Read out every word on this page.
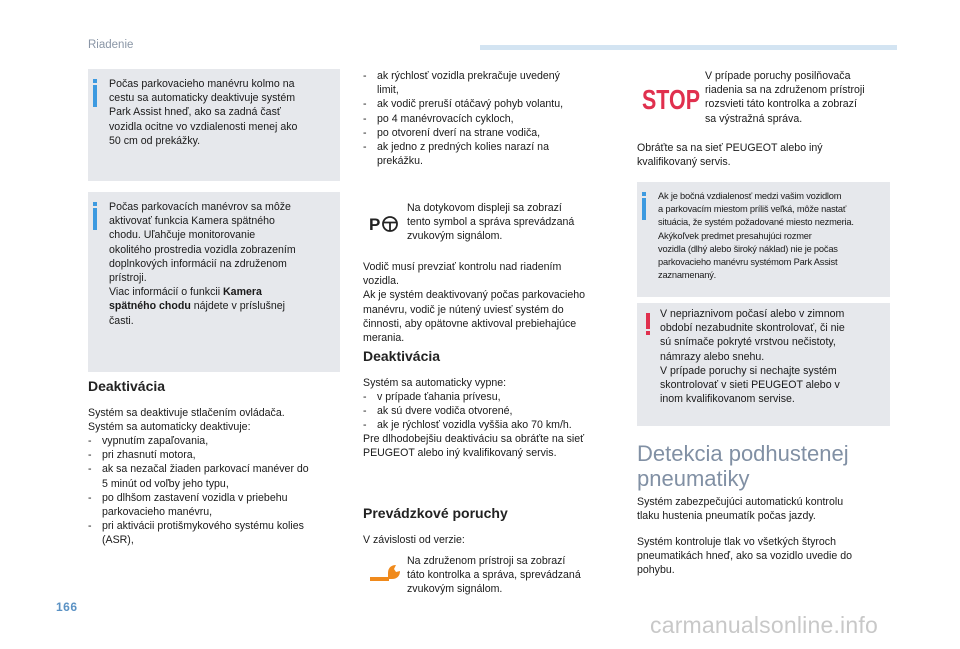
Riadenie
Počas parkovacieho manévru kolmo na
cestu sa automaticky deaktivuje systém
Park Assist hneď, ako sa zadná časť
vozidla ocitne vo vzdialenosti menej ako
50 cm od prekážky.
Počas parkovacích manévrov sa môže
aktivovať funkcia Kamera spätného
chodu. Uľahčuje monitorovanie
okolitého prostredia vozidla zobrazením
doplnkových informácií na združenom
prístroji.
Viac informácií o funkcii Kamera
spätného chodu nájdete v príslušnej
časti.
Deaktivácia
Systém sa deaktivuje stlačením ovládača.
Systém sa automaticky deaktivuje:
- vypnutím zapaľovania,
- pri zhasnutí motora,
- ak sa nezačal žiaden parkovací manéver do
5 minút od voľby jeho typu,
- po dlhšom zastavení vozidla v priebehu
parkovacieho manévru,
- pri aktivácii protišmykového systému kolies
(ASR),
- ak rýchlosť vozidla prekračuje uvedený
limit,
- ak vodič preruší otáčavý pohyb volantu,
- po 4 manévrovacích cykloch,
- po otvorení dverí na strane vodiča,
- ak jedno z predných kolies narazí na
prekážku.
P
Na dotykovom displeji sa zobrazí
tento symbol a správa sprevádzaná
zvukovým signálom.
Vodič musí prevziať kontrolu nad riadením
vozidla.
Ak je systém deaktivovaný počas parkovacieho
manévru, vodič je nútený uviesť systém do
činnosti, aby opätovne aktivoval prebiehajúce
merania.
Deaktivácia
Systém sa automaticky vypne:
- v prípade ťahania prívesu,
- ak sú dvere vodiča otvorené,
- ak je rýchlosť vozidla vyššia ako 70 km/h.
Pre dlhodobejšiu deaktiváciu sa obráťte na sieť
PEUGEOT alebo iný kvalifikovaný servis.
Prevádzkové poruchy
V závislosti od verzie:
Na združenom prístroji sa zobrazí
táto kontrolka a správa, sprevádzaná
zvukovým signálom.
STOP
V prípade poruchy posilňovača
riadenia sa na združenom prístroji
rozsvieti táto kontrolka a zobrazí
sa výstražná správa.
Obráťte sa na sieť PEUGEOT alebo iný
kvalifikovaný servis.
Ak je bočná vzdialenosť medzi vašim vozidlom
a parkovacím miestom príliš veľká, môže nastať
situácia, že systém požadované miesto nezmeria.
Akýkoľvek predmet presahujúci rozmer
vozidla (dlhý alebo široký náklad) nie je počas
parkovacieho manévru systémom Park Assist
zaznamenaný.
V nepriaznivom počasí alebo v zimnom
období nezabudnite skontrolovať, či nie
sú snímače pokryté vrstvou nečistoty,
námrazy alebo snehu.
V prípade poruchy si nechajte systém
skontrolovať v sieti PEUGEOT alebo v
inom kvalifikovanom servise.
Detekcia podhustenej
pneumatiky
Systém zabezpečujúci automatickú kontrolu
tlaku hustenia pneumatík počas jazdy.
Systém kontroluje tlak vo všetkých štyroch
pneumatikách hneď, ako sa vozidlo uvedie do
pohybu.
166
carmanualsonline.info
